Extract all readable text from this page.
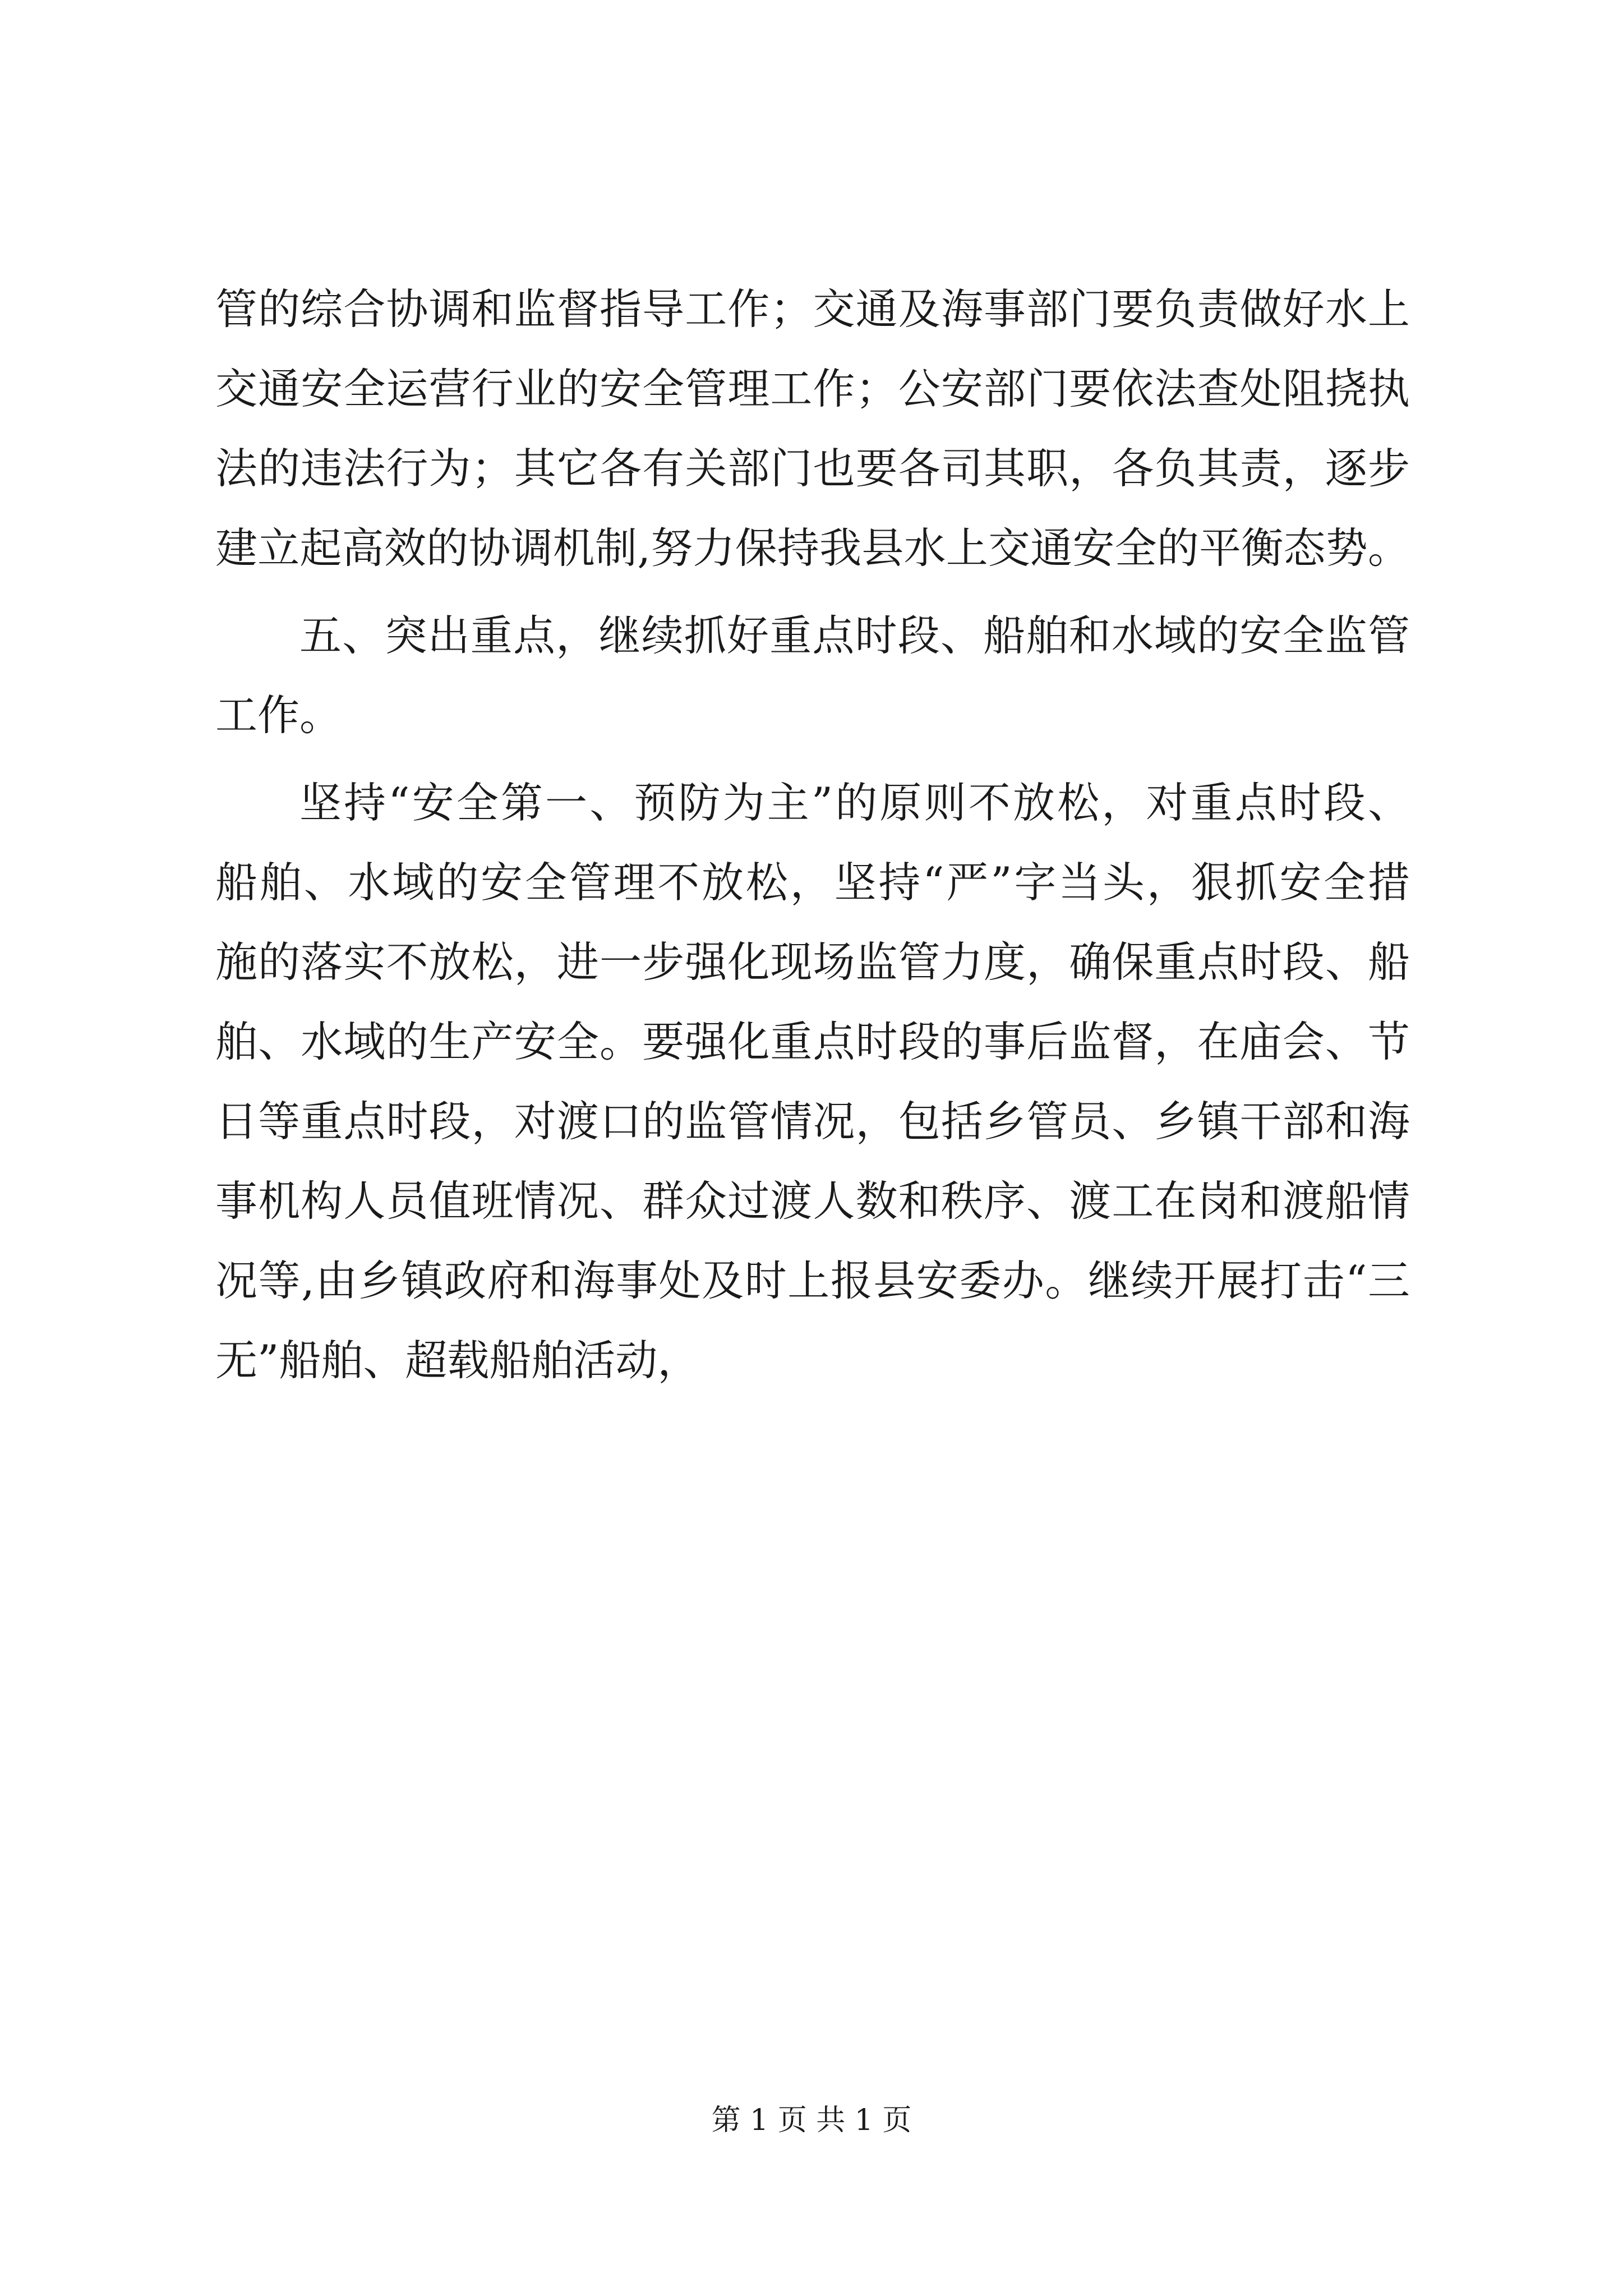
管的综合协调和监督指导工作；交通及海事部门要负责做好水上
交通安全运营行业的安全管理工作；公安部门要依法查处阻挠执
法的违法行为；其它各有关部门也要各司其职，各负其责，逐步
建立起高效的协调机制,努力保持我县水上交通安全的平衡态势。
五、突出重点，继续抓好重点时段、船舶和水域的安全监管
工作。
坚持“安全第一、预防为主”的原则不放松，对重点时段、
船舶、水域的安全管理不放松，坚持“严”字当头，狠抓安全措
施的落实不放松，进一步强化现场监管力度，确保重点时段、船
舶、水域的生产安全。要强化重点时段的事后监督，在庙会、节
日等重点时段，对渡口的监管情况，包括乡管员、乡镇干部和海
事机构人员值班情况、群众过渡人数和秩序、渡工在岗和渡船情
况等,由乡镇政府和海事处及时上报县安委办。继续开展打击“三
无”船舶、超载船舶活动，
第 1 页 共 1 页
